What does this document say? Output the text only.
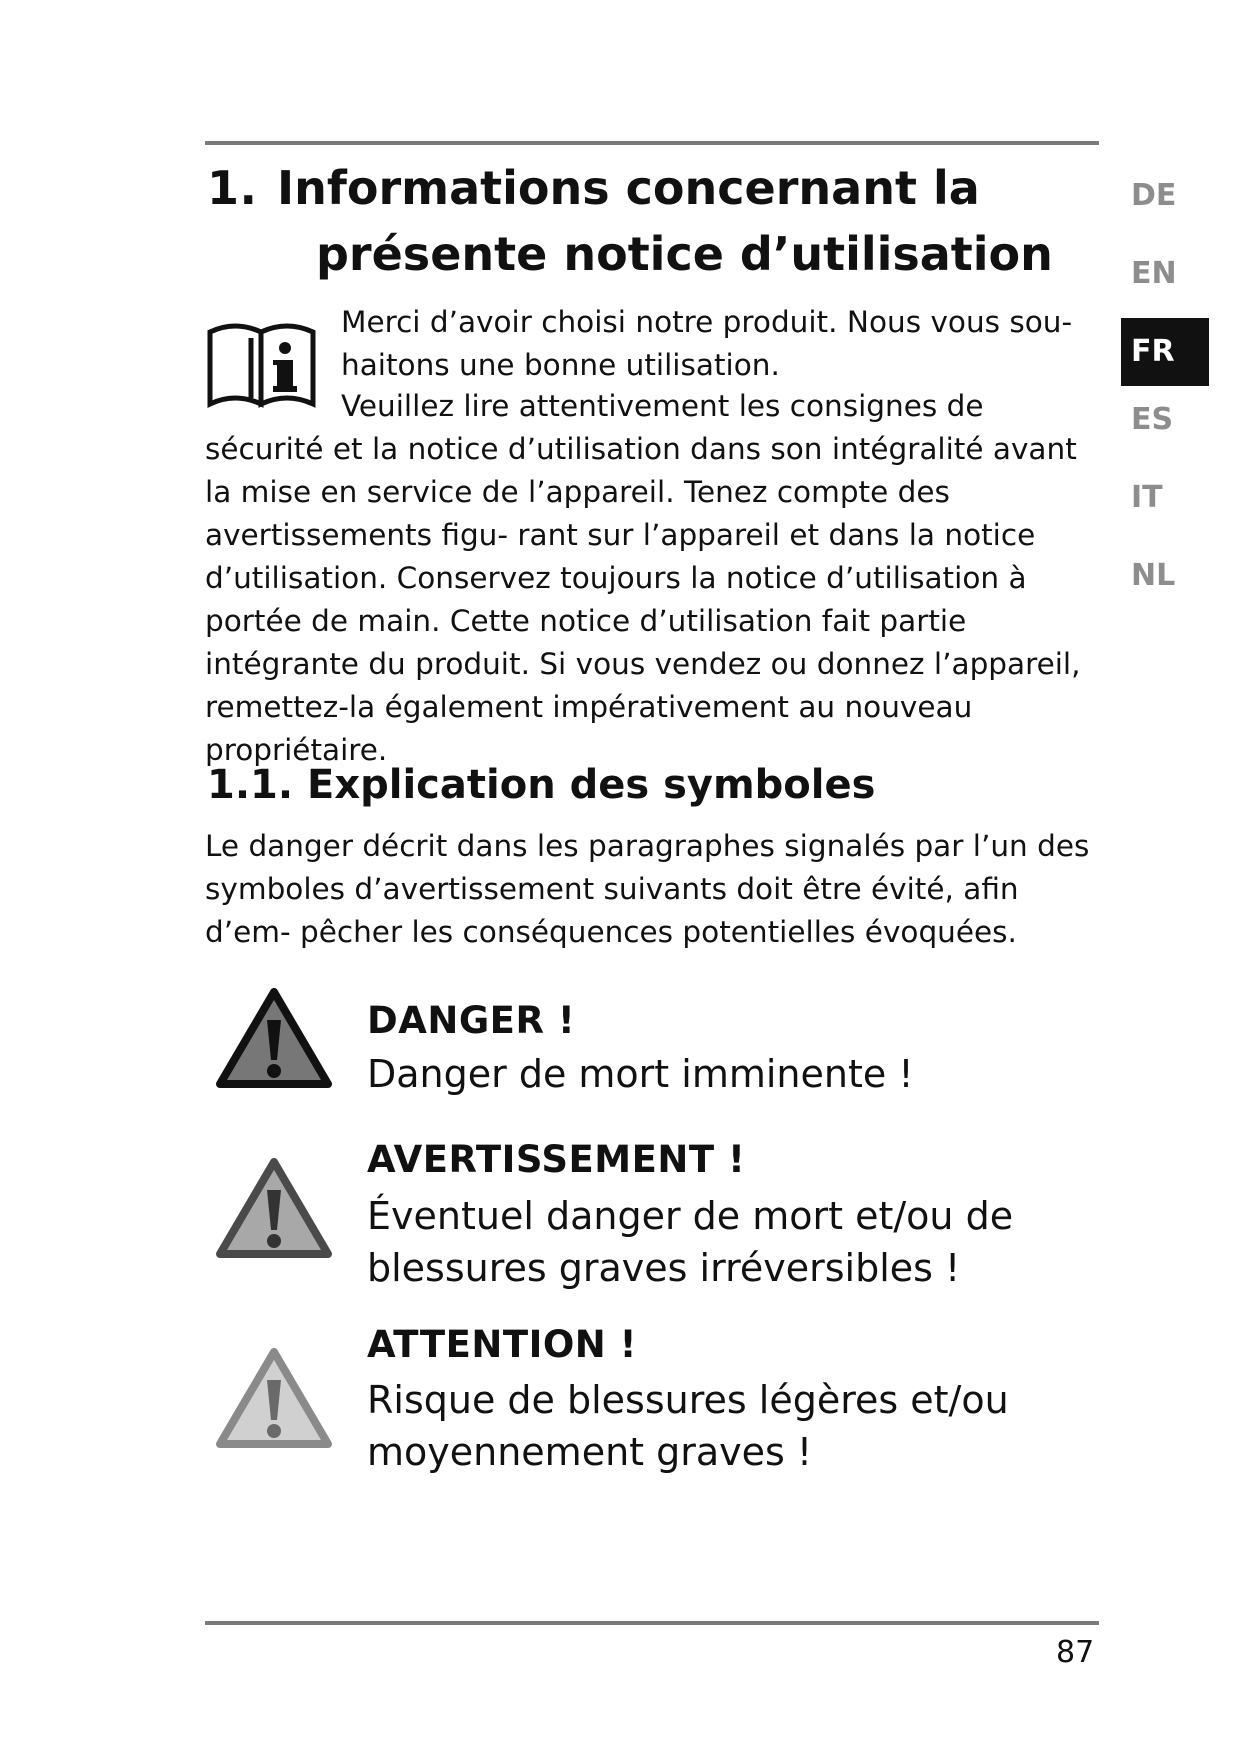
1. Informations concernant la
présente notice d’utilisation
DE
EN
FR
ES
IT
NL
Merci d’avoir choisi notre produit. Nous vous sou- haitons une bonne utilisation.
Veuillez lire attentivement les consignes de sécurité et la notice d’utilisation dans son intégralité avant la mise en service de l’appareil. Tenez compte des avertissements figu- rant sur l’appareil et dans la notice d’utilisation. Conservez toujours la notice d’utilisation à portée de main. Cette notice d’utilisation fait partie intégrante du produit. Si vous vendez ou donnez l’appareil, remettez-la également impérativement au nouveau propriétaire.
1.1. Explication des symboles
Le danger décrit dans les paragraphes signalés par l’un des symboles d’avertissement suivants doit être évité, afin d’em- pêcher les conséquences potentielles évoquées.
DANGER !
Danger de mort imminente !
AVERTISSEMENT !
Éventuel danger de mort et/ou de blessures graves irréversibles !
ATTENTION !
Risque de blessures légères et/ou moyennement graves !
87
